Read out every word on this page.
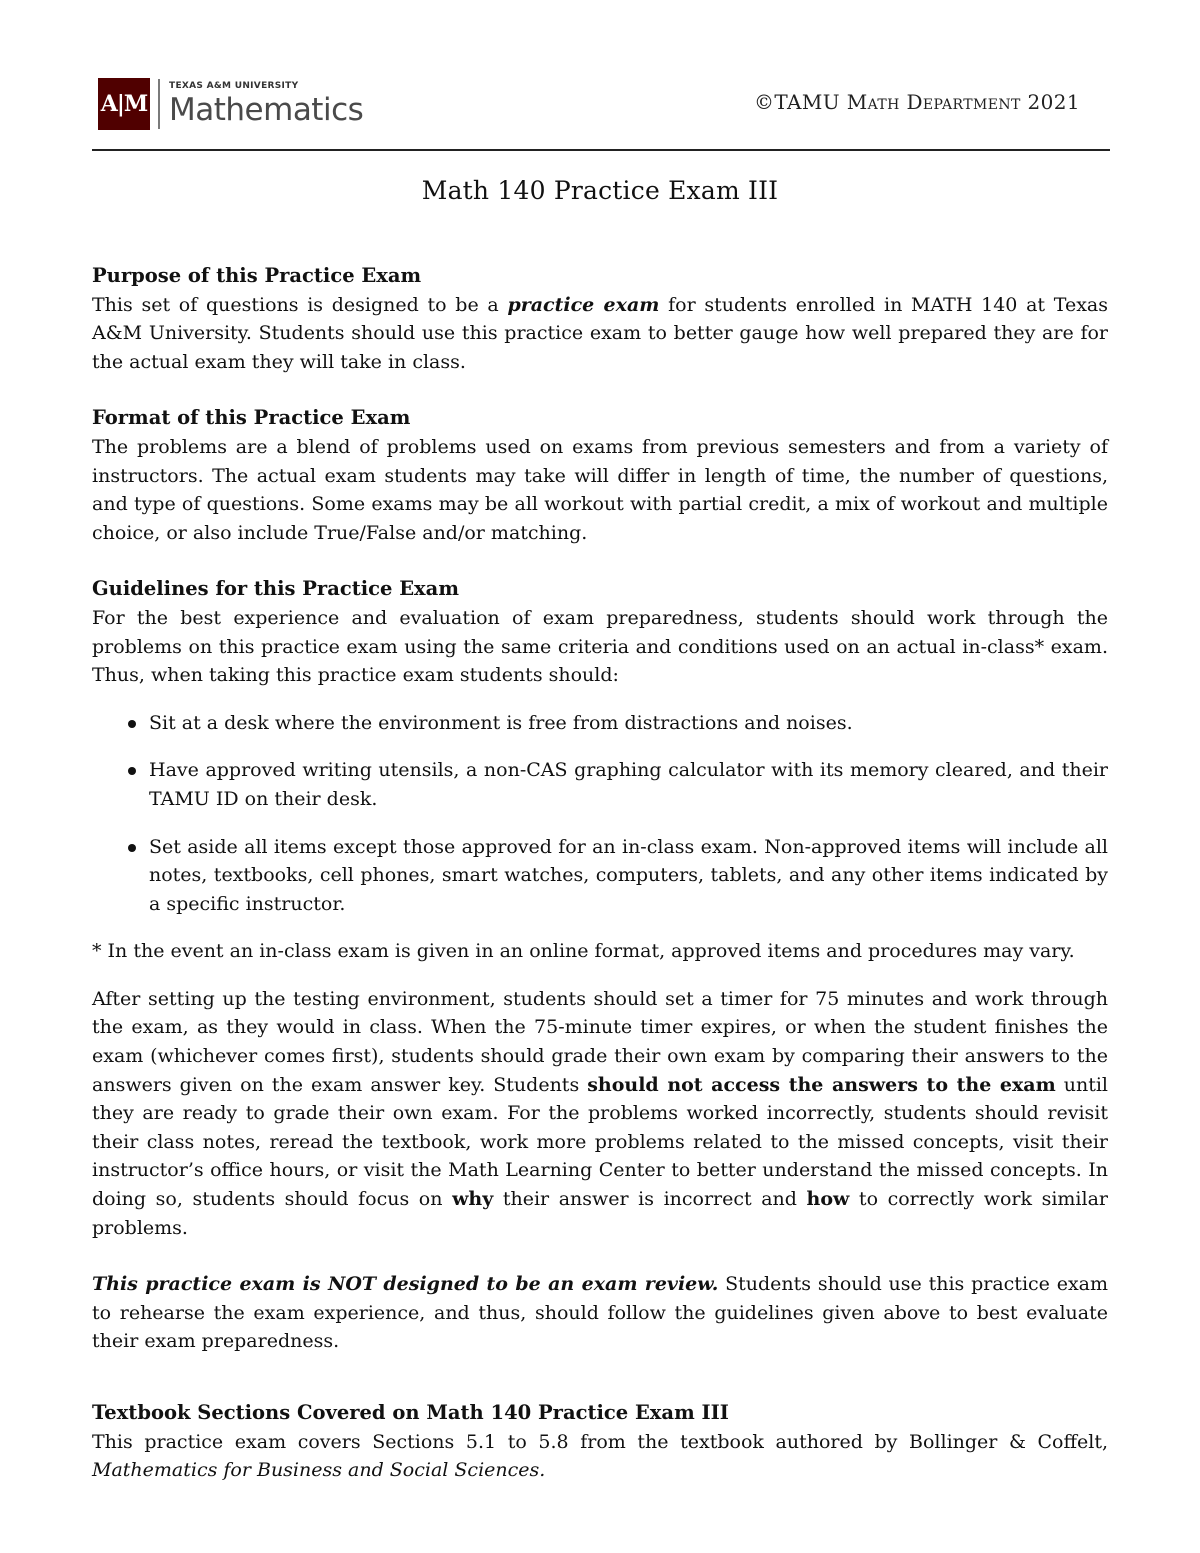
A|M
TEXAS A&M UNIVERSITY
Mathematics	©TAMU Math Department 2021
Math 140 Practice Exam III

Purpose of this Practice Exam

This set of questions is designed to be a practice exam for students enrolled in MATH 140 at Texas A&M University. Students should use this practice exam to better gauge how well prepared they are for the actual exam they will take in class.

Format of this Practice Exam

The problems are a blend of problems used on exams from previous semesters and from a variety of instructors. The actual exam students may take will differ in length of time, the number of questions, and type of questions. Some exams may be all workout with partial credit, a mix of workout and multiple choice, or also include True/False and/or matching.

Guidelines for this Practice Exam

For the best experience and evaluation of exam preparedness, students should work through the problems on this practice exam using the same criteria and conditions used on an actual in-class* exam. Thus, when taking this practice exam students should:

Sit at a desk where the environment is free from distractions and noises.
Have approved writing utensils, a non-CAS graphing calculator with its memory cleared, and their TAMU ID on their desk.
Set aside all items except those approved for an in-class exam. Non-approved items will include all notes, textbooks, cell phones, smart watches, computers, tablets, and any other items indicated by a specific instructor.

* In the event an in-class exam is given in an online format, approved items and procedures may vary.

After setting up the testing environment, students should set a timer for 75 minutes and work through the exam, as they would in class. When the 75-minute timer expires, or when the student finishes the exam (whichever comes first), students should grade their own exam by comparing their answers to the answers given on the exam answer key. Students should not access the answers to the exam until they are ready to grade their own exam. For the problems worked incorrectly, students should revisit their class notes, reread the textbook, work more problems related to the missed concepts, visit their instructor’s office hours, or visit the Math Learning Center to better understand the missed concepts. In doing so, students should focus on why their answer is incorrect and how to correctly work similar problems.

This practice exam is NOT designed to be an exam review. Students should use this practice exam to rehearse the exam experience, and thus, should follow the guidelines given above to best evaluate their exam preparedness.

Textbook Sections Covered on Math 140 Practice Exam III

This practice exam covers Sections 5.1 to 5.8 from the textbook authored by Bollinger & Coffelt, Mathematics for Business and Social Sciences.
